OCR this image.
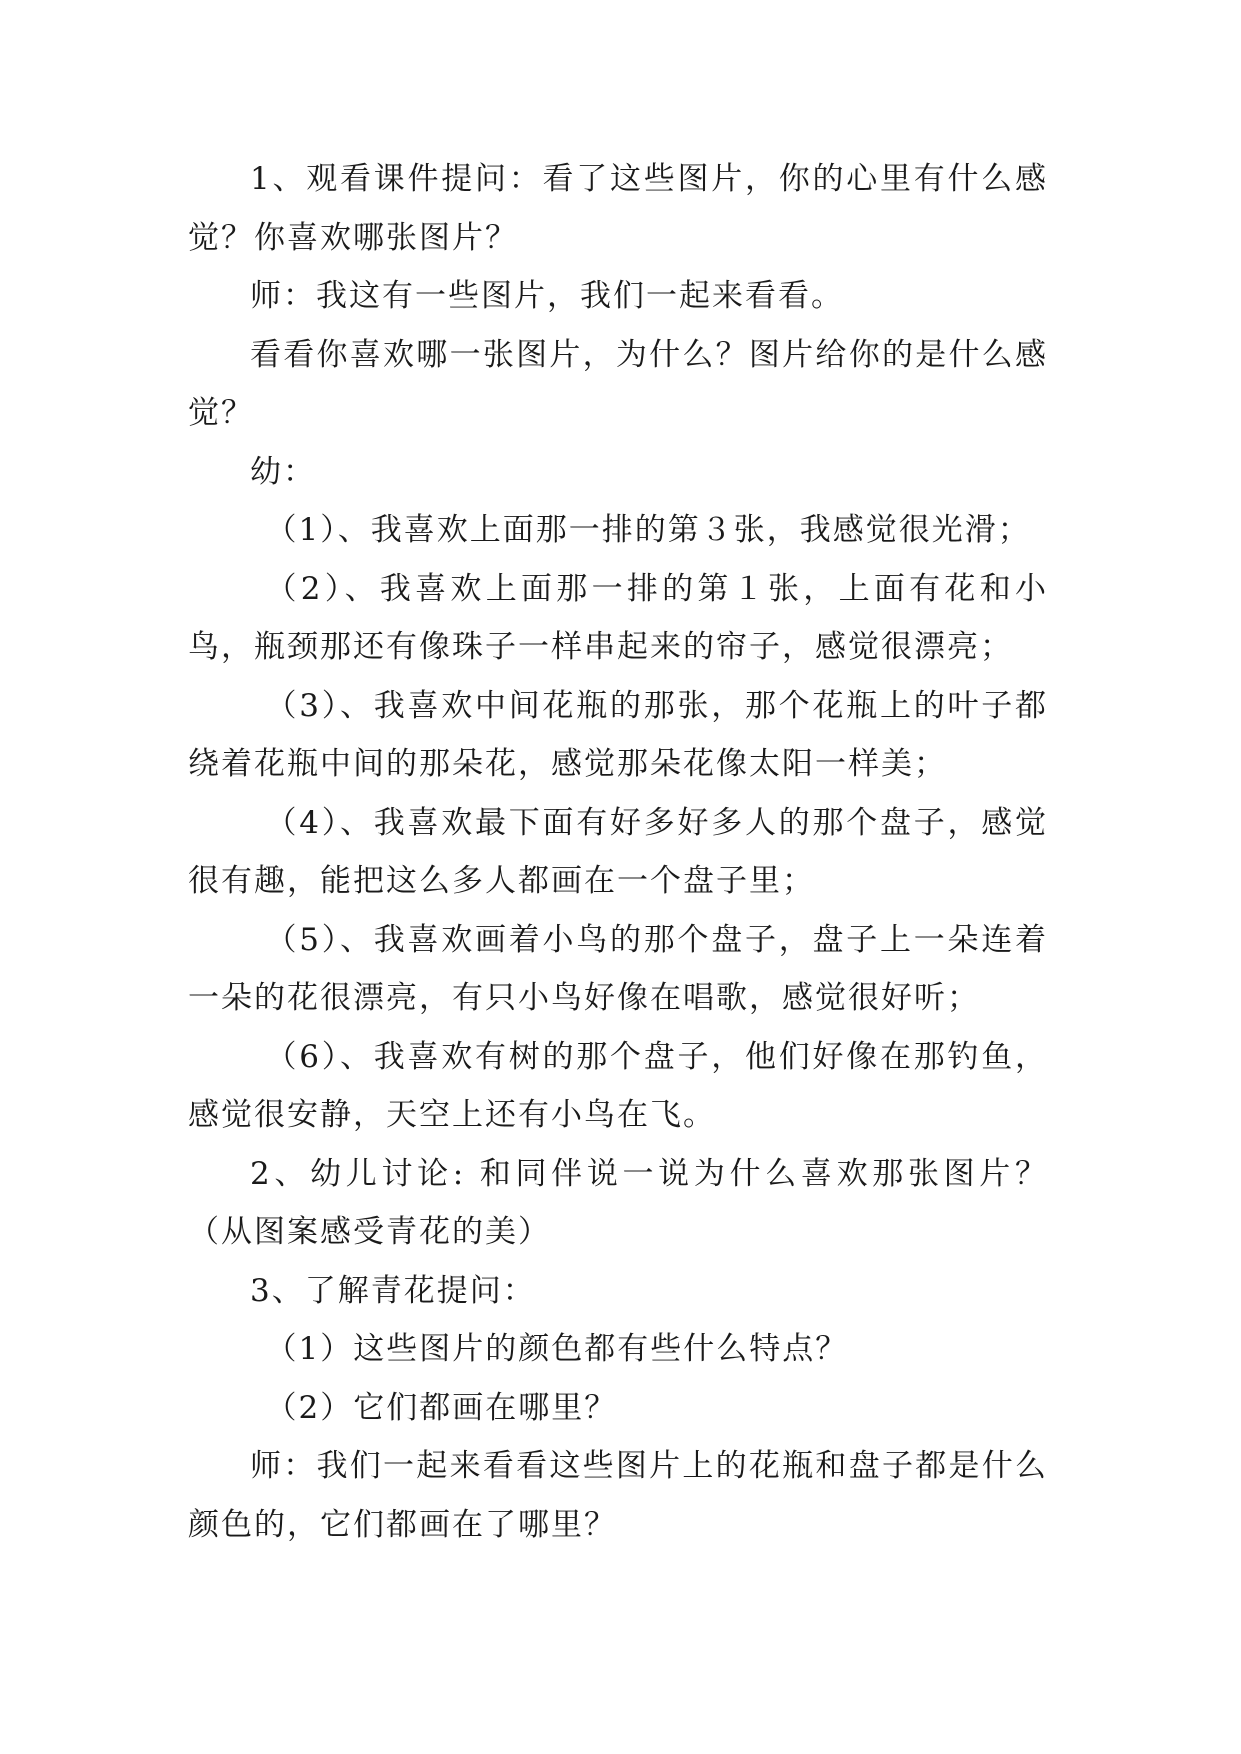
1、观看课件提问：看了这些图片，你的心里有什么感觉？你喜欢哪张图片？

师：我这有一些图片，我们一起来看看。

看看你喜欢哪一张图片，为什么？图片给你的是什么感觉？

幼：

（1）、我喜欢上面那一排的第３张，我感觉很光滑；

（2）、我喜欢上面那一排的第１张，上面有花和小鸟，瓶颈那还有像珠子一样串起来的帘子，感觉很漂亮；

（3）、我喜欢中间花瓶的那张，那个花瓶上的叶子都绕着花瓶中间的那朵花，感觉那朵花像太阳一样美；

（4）、我喜欢最下面有好多好多人的那个盘子，感觉很有趣，能把这么多人都画在一个盘子里；

（5）、我喜欢画着小鸟的那个盘子，盘子上一朵连着一朵的花很漂亮，有只小鸟好像在唱歌，感觉很好听；

（6）、我喜欢有树的那个盘子，他们好像在那钓鱼，感觉很安静，天空上还有小鸟在飞。

2、幼儿讨论: 和同伴说一说为什么喜欢那张图片？（从图案感受青花的美）

3、了解青花提问：

（1）这些图片的颜色都有些什么特点？

（2）它们都画在哪里？

师：我们一起来看看这些图片上的花瓶和盘子都是什么颜色的，它们都画在了哪里？
